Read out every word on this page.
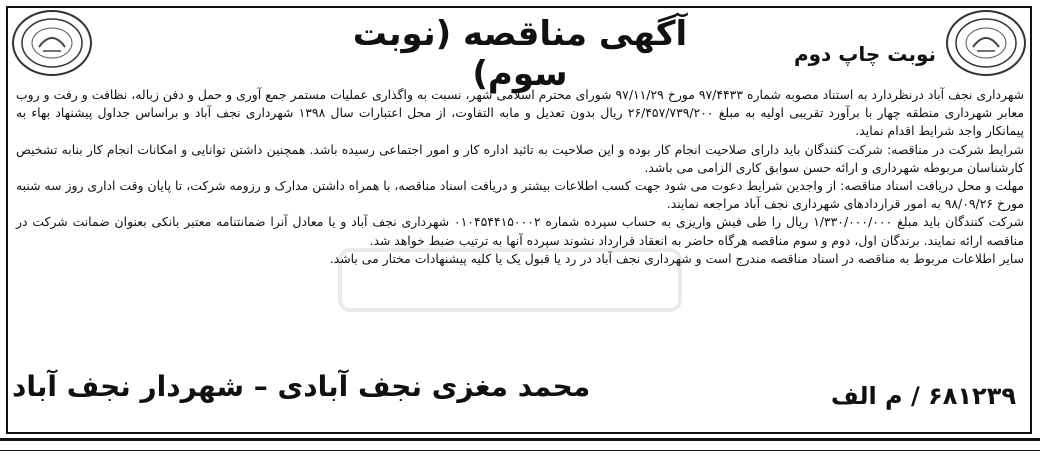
آگهی مناقصه (نوبت سوم)	نوبت چاپ دوم

شهرداری نجف آباد درنظردارد به استناد مصوبه شماره ۹۷/۴۴۳۳ مورخ ۹۷/۱۱/۲۹ شورای محترم اسلامی شهر، نسبت به واگذاری عملیات مستمر جمع آوری و حمل و دفن زباله، نظافت و رفت و روب معابر شهرداری منطقه چهار با برآورد تقریبی اولیه به مبلغ ۲۶/۴۵۷/۷۳۹/۲۰۰ ریال بدون تعدیل و مابه التفاوت، از محل اعتبارات سال ۱۳۹۸ شهرداری نجف آباد و براساس جداول پیشنهاد بهاء به پیمانکار واجد شرایط اقدام نماید.

شرایط شرکت در مناقصه: شرکت کنندگان باید دارای صلاحیت انجام کار بوده و این صلاحیت به تائید اداره کار و امور اجتماعی رسیده باشد. همچنین داشتن توانایی و امکانات انجام کار بنابه تشخیص کارشناسان مربوطه شهرداری و ارائه حسن سوابق کاری الزامی می باشد.

مهلت و محل دریافت اسناد مناقصه: از واجدین شرایط دعوت می شود جهت کسب اطلاعات بیشتر و دریافت اسناد مناقصه، با همراه داشتن مدارک و رزومه شرکت، تا پایان وقت اداری روز سه شنبه مورخ ۹۸/۰۹/۲۶ به امور قراردادهای شهرداری نجف آباد مراجعه نمایند.

شرکت کنندگان باید مبلغ ۱/۳۳۰/۰۰۰/۰۰۰ ریال را طی فیش واریزی به حساب سپرده شماره ۰۱۰۴۵۴۴۱۵۰۰۰۲ شهرداری نجف آباد و یا معادل آنرا ضمانتنامه معتبر بانکی بعنوان ضمانت شرکت در مناقصه ارائه نمایند. برندگان اول، دوم و سوم مناقصه هرگاه حاضر به انعقاد قرارداد نشوند سپرده آنها به ترتیب ضبط خواهد شد.

سایر اطلاعات مربوط به مناقصه در اسناد مناقصه مندرج است و شهرداری نجف آباد در رد یا قبول یک یا کلیه پیشنهادات مختار می باشد.

محمد مغزی نجف آبادی – شهردار نجف آباد	۶۸۱۲۳۹ / م الف
